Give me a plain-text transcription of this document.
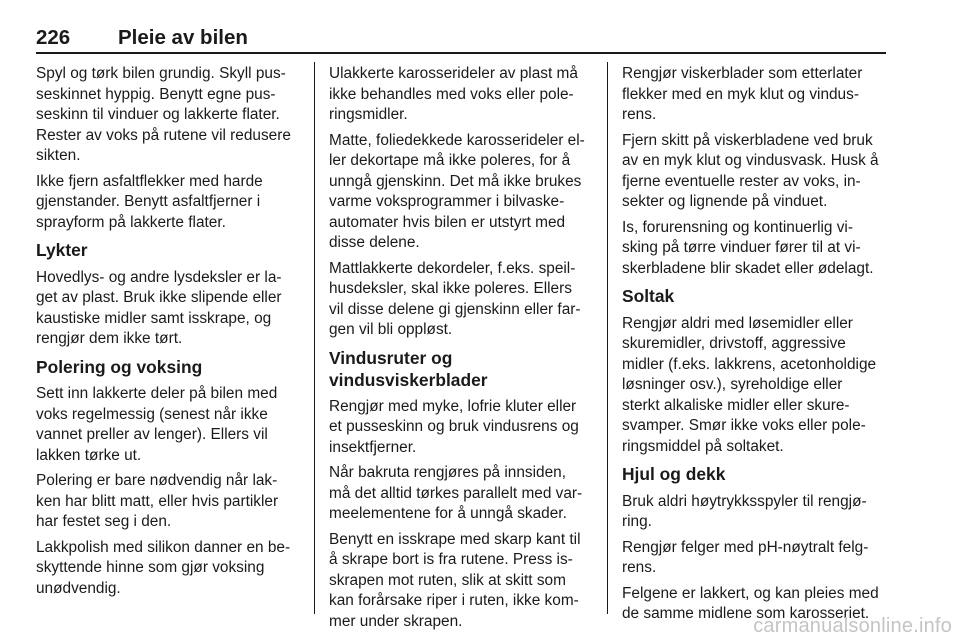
226 Pleie av bilen

Spyl og tørk bilen grundig. Skyll pus-
seskinnet hyppig. Benytt egne pus-
seskinn til vinduer og lakkerte flater.
Rester av voks på rutene vil redusere
sikten.

Ikke fjern asfaltflekker med harde
gjenstander. Benytt asfaltfjerner i
sprayform på lakkerte flater.

Lykter

Hovedlys- og andre lysdeksler er la-
get av plast. Bruk ikke slipende eller
kaustiske midler samt isskrape, og
rengjør dem ikke tørt.

Polering og voksing

Sett inn lakkerte deler på bilen med
voks regelmessig (senest når ikke
vannet preller av lenger). Ellers vil
lakken tørke ut.

Polering er bare nødvendig når lak-
ken har blitt matt, eller hvis partikler
har festet seg i den.

Lakkpolish med silikon danner en be-
skyttende hinne som gjør voksing
unødvendig.

Ulakkerte karosserideler av plast må
ikke behandles med voks eller pole-
ringsmidler.

Matte, foliedekkede karosserideler el-
ler dekortape må ikke poleres, for å
unngå gjenskinn. Det må ikke brukes
varme voksprogrammer i bilvaske-
automater hvis bilen er utstyrt med
disse delene.

Mattlakkerte dekordeler, f.eks. speil-
husdeksler, skal ikke poleres. Ellers
vil disse delene gi gjenskinn eller far-
gen vil bli oppløst.

Vindusruter og
vindusviskerblader

Rengjør med myke, lofrie kluter eller
et pusseskinn og bruk vindusrens og
insektfjerner.

Når bakruta rengjøres på innsiden,
må det alltid tørkes parallelt med var-
meelementene for å unngå skader.

Benytt en isskrape med skarp kant til
å skrape bort is fra rutene. Press is-
skrapen mot ruten, slik at skitt som
kan forårsake riper i ruten, ikke kom-
mer under skrapen.

Rengjør viskerblader som etterlater
flekker med en myk klut og vindus-
rens.

Fjern skitt på viskerbladene ved bruk
av en myk klut og vindusvask. Husk å
fjerne eventuelle rester av voks, in-
sekter og lignende på vinduet.

Is, forurensning og kontinuerlig vi-
sking på tørre vinduer fører til at vi-
skerbladene blir skadet eller ødelagt.

Soltak

Rengjør aldri med løsemidler eller
skuremidler, drivstoff, aggressive
midler (f.eks. lakkrens, acetonholdige
løsninger osv.), syreholdige eller
sterkt alkaliske midler eller skure-
svamper. Smør ikke voks eller pole-
ringsmiddel på soltaket.

Hjul og dekk

Bruk aldri høytrykksspyler til rengjø-
ring.

Rengjør felger med pH-nøytralt felg-
rens.

Felgene er lakkert, og kan pleies med
de samme midlene som karosseriet.

carmanualsonline.info
